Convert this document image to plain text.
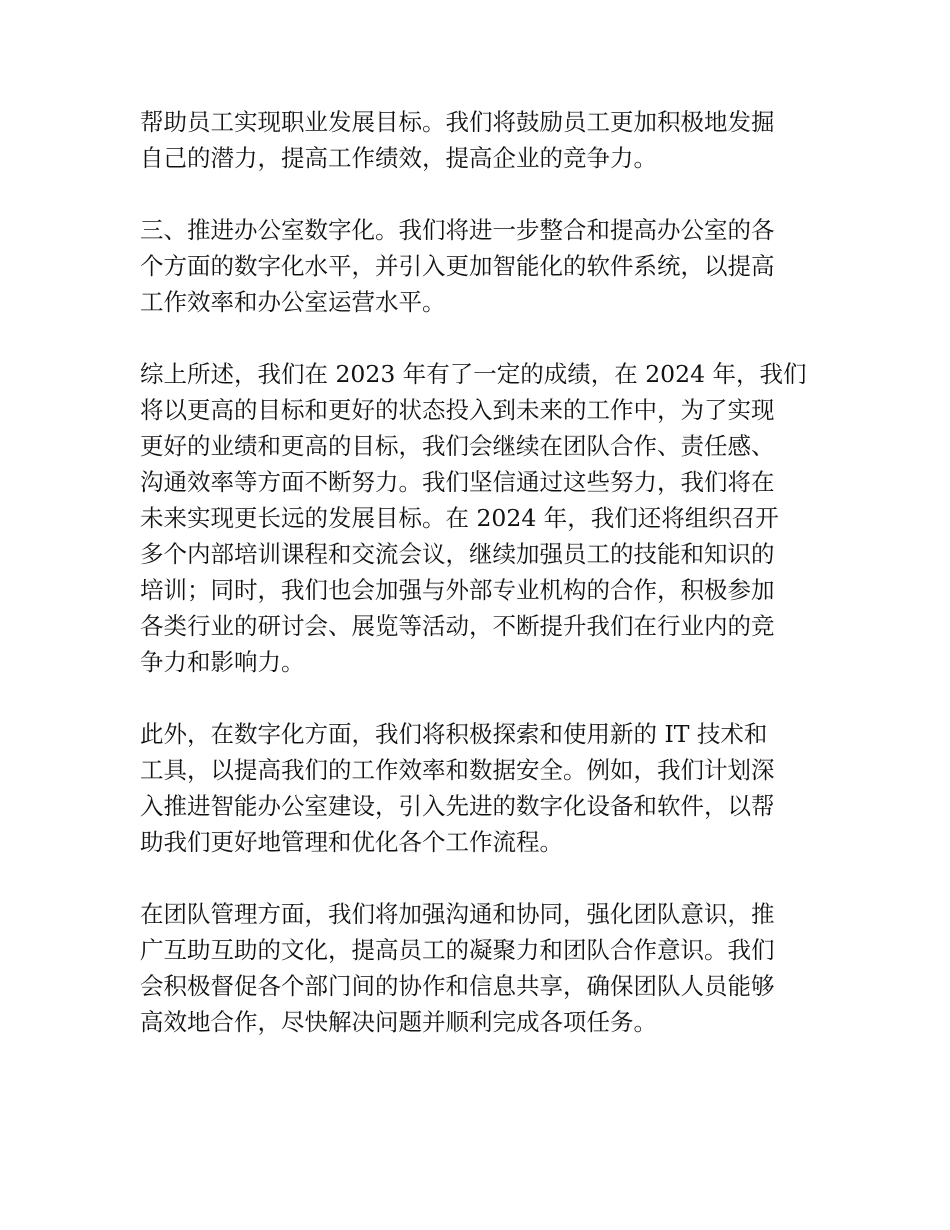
帮助员工实现职业发展目标。我们将鼓励员工更加积极地发掘
自己的潜力，提高工作绩效，提高企业的竞争力。
三、推进办公室数字化。我们将进一步整合和提高办公室的各
个方面的数字化水平，并引入更加智能化的软件系统，以提高
工作效率和办公室运营水平。
综上所述，我们在 2023 年有了一定的成绩，在 2024 年，我们
将以更高的目标和更好的状态投入到未来的工作中，为了实现
更好的业绩和更高的目标，我们会继续在团队合作、责任感、
沟通效率等方面不断努力。我们坚信通过这些努力，我们将在
未来实现更长远的发展目标。在 2024 年，我们还将组织召开
多个内部培训课程和交流会议，继续加强员工的技能和知识的
培训；同时，我们也会加强与外部专业机构的合作，积极参加
各类行业的研讨会、展览等活动，不断提升我们在行业内的竞
争力和影响力。
此外，在数字化方面，我们将积极探索和使用新的 IT 技术和
工具，以提高我们的工作效率和数据安全。例如，我们计划深
入推进智能办公室建设，引入先进的数字化设备和软件，以帮
助我们更好地管理和优化各个工作流程。
在团队管理方面，我们将加强沟通和协同，强化团队意识，推
广互助互助的文化，提高员工的凝聚力和团队合作意识。我们
会积极督促各个部门间的协作和信息共享，确保团队人员能够
高效地合作，尽快解决问题并顺利完成各项任务。
